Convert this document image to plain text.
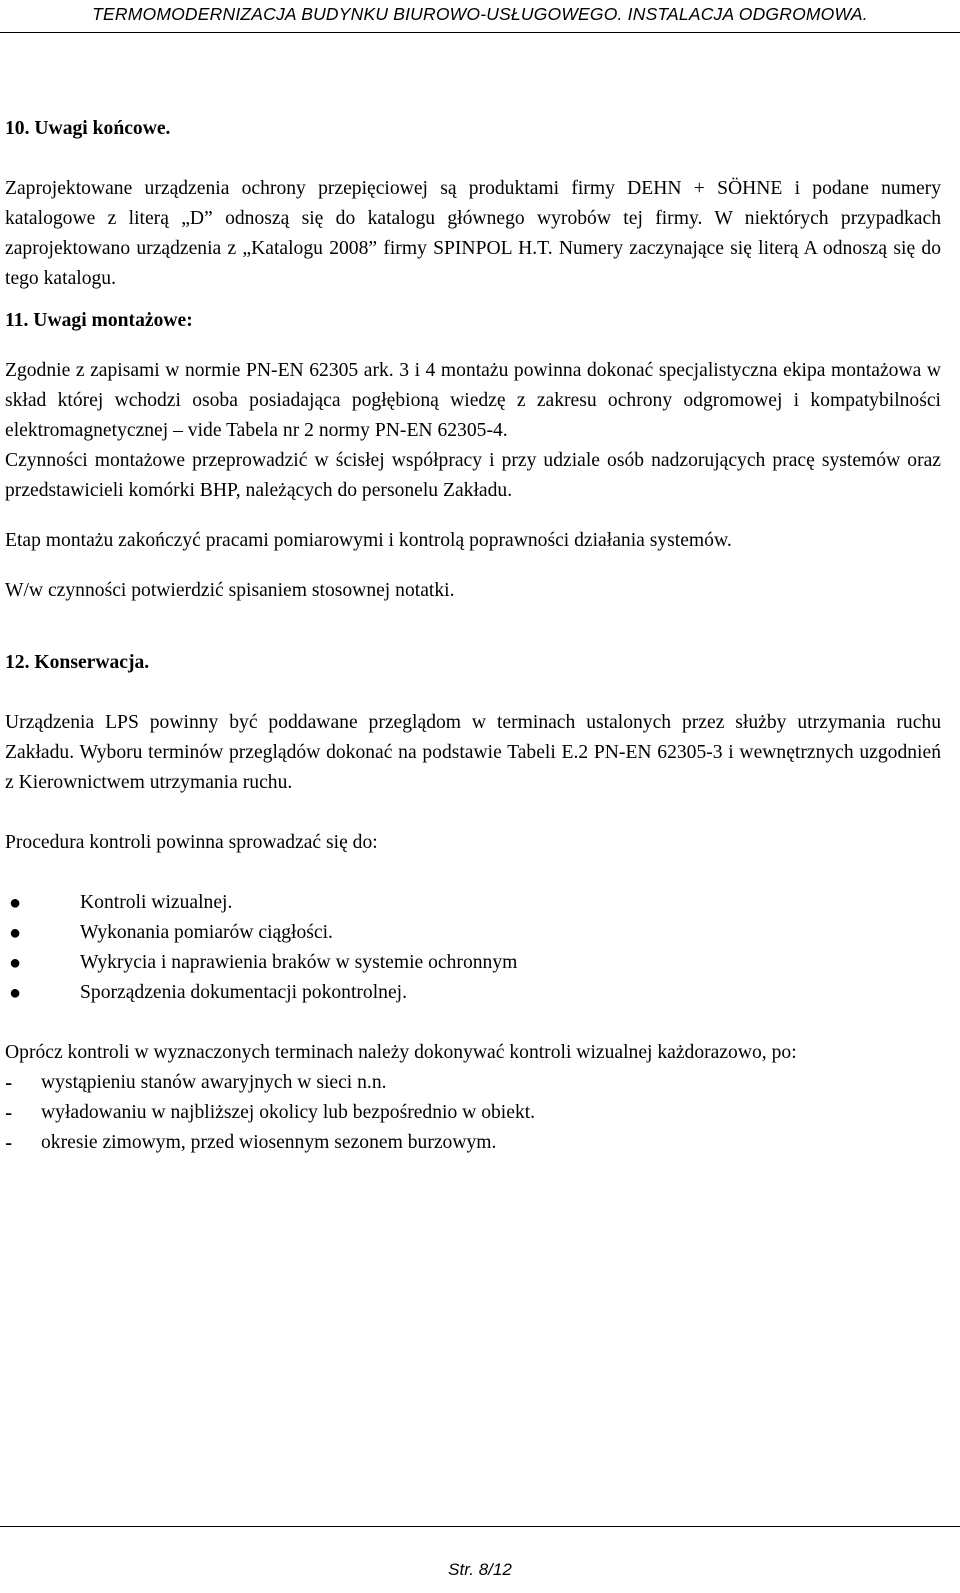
TERMOMODERNIZACJA BUDYNKU BIUROWO-USŁUGOWEGO. INSTALACJA ODGROMOWA.

10. Uwagi końcowe.

Zaprojektowane urządzenia ochrony przepięciowej są produktami firmy DEHN + SÖHNE i podane numery katalogowe z literą „D” odnoszą się do katalogu głównego wyrobów tej firmy. W niektórych przypadkach zaprojektowano urządzenia z „Katalogu 2008” firmy SPINPOL H.T. Numery zaczynające się literą A odnoszą się do tego katalogu.

11. Uwagi montażowe:

Zgodnie z zapisami w normie PN-EN 62305 ark. 3 i 4 montażu powinna dokonać specjalistyczna ekipa montażowa w skład której wchodzi osoba posiadająca pogłębioną wiedzę z zakresu ochrony odgromowej i kompatybilności elektromagnetycznej – vide Tabela nr 2 normy PN-EN 62305-4.

Czynności montażowe przeprowadzić w ścisłej współpracy i przy udziale osób nadzorujących pracę systemów oraz przedstawicieli komórki BHP, należących do personelu Zakładu.

Etap montażu zakończyć pracami pomiarowymi i kontrolą poprawności działania systemów.

W/w czynności potwierdzić spisaniem stosownej notatki.

12. Konserwacja.

Urządzenia LPS powinny być poddawane przeglądom w terminach ustalonych przez służby utrzymania ruchu Zakładu. Wyboru terminów przeglądów dokonać na podstawie Tabeli E.2 PN-EN 62305-3 i wewnętrznych uzgodnień z Kierownictwem utrzymania ruchu.

Procedura kontroli powinna sprowadzać się do:

●	Kontroli wizualnej.
●	Wykonania pomiarów ciągłości.
●	Wykrycia i naprawienia braków w systemie ochronnym
●	Sporządzenia dokumentacji pokontrolnej.

Oprócz kontroli w wyznaczonych terminach należy dokonywać kontroli wizualnej każdorazowo, po:

- wystąpieniu stanów awaryjnych w sieci n.n.
- wyładowaniu w najbliższej okolicy lub bezpośrednio w obiekt.
- okresie zimowym, przed wiosennym sezonem burzowym.
Str. 8/12
